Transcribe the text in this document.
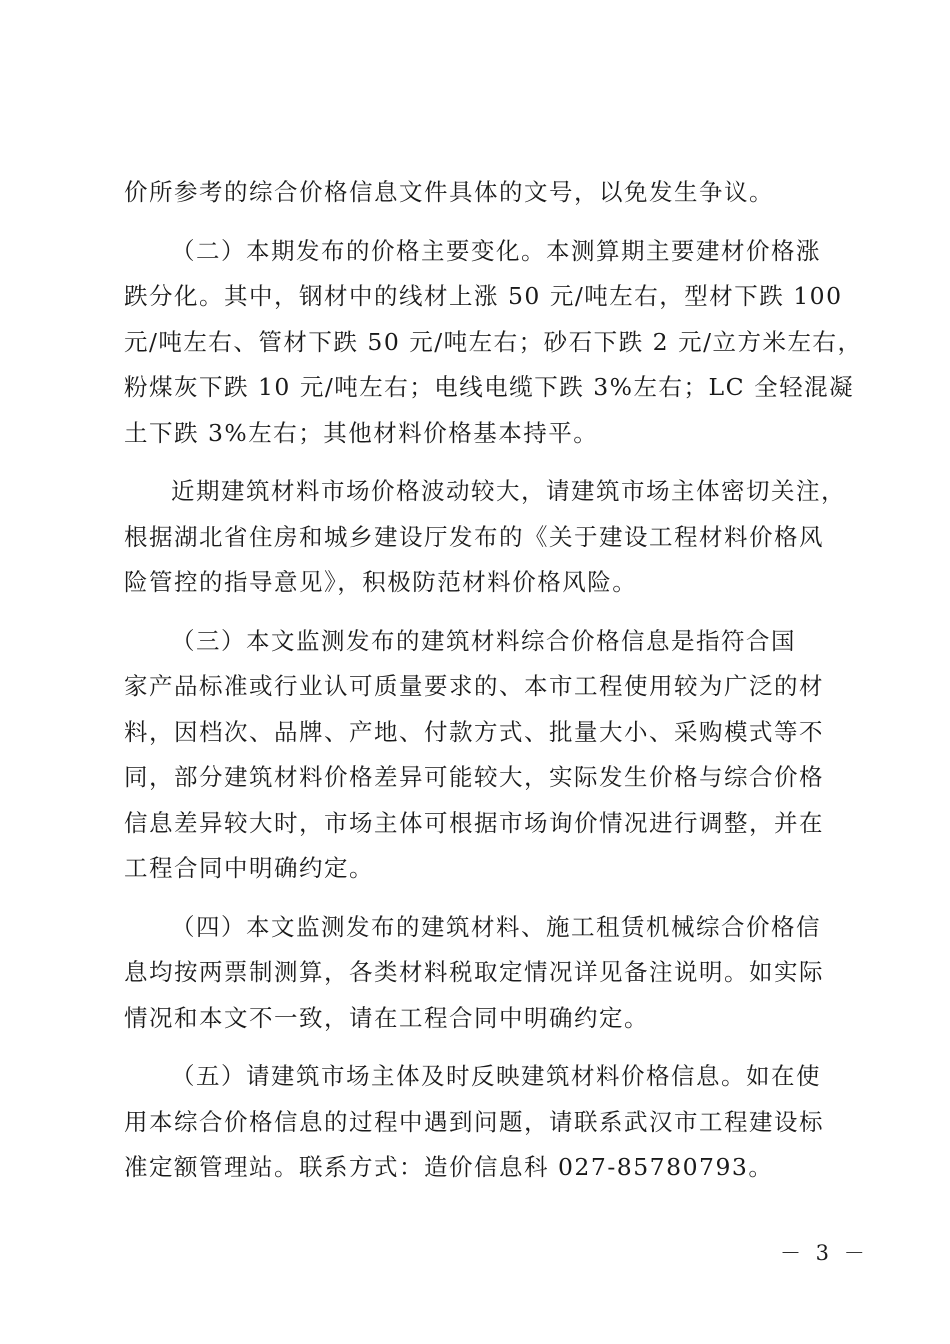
价所参考的综合价格信息文件具体的文号，以免发生争议。
（二）本期发布的价格主要变化。本测算期主要建材价格涨
跌分化。其中，钢材中的线材上涨 50 元/吨左右，型材下跌 100
元/吨左右、管材下跌 50 元/吨左右；砂石下跌 2 元/立方米左右，
粉煤灰下跌 10 元/吨左右；电线电缆下跌 3%左右；LC 全轻混凝
土下跌 3%左右；其他材料价格基本持平。
近期建筑材料市场价格波动较大，请建筑市场主体密切关注，
根据湖北省住房和城乡建设厅发布的《关于建设工程材料价格风
险管控的指导意见》，积极防范材料价格风险。
（三）本文监测发布的建筑材料综合价格信息是指符合国
家产品标准或行业认可质量要求的、本市工程使用较为广泛的材
料，因档次、品牌、产地、付款方式、批量大小、采购模式等不
同，部分建筑材料价格差异可能较大，实际发生价格与综合价格
信息差异较大时，市场主体可根据市场询价情况进行调整，并在
工程合同中明确约定。
（四）本文监测发布的建筑材料、施工租赁机械综合价格信
息均按两票制测算，各类材料税取定情况详见备注说明。如实际
情况和本文不一致，请在工程合同中明确约定。
（五）请建筑市场主体及时反映建筑材料价格信息。如在使
用本综合价格信息的过程中遇到问题，请联系武汉市工程建设标
准定额管理站。联系方式：造价信息科 027-85780793。
－ 3 －
